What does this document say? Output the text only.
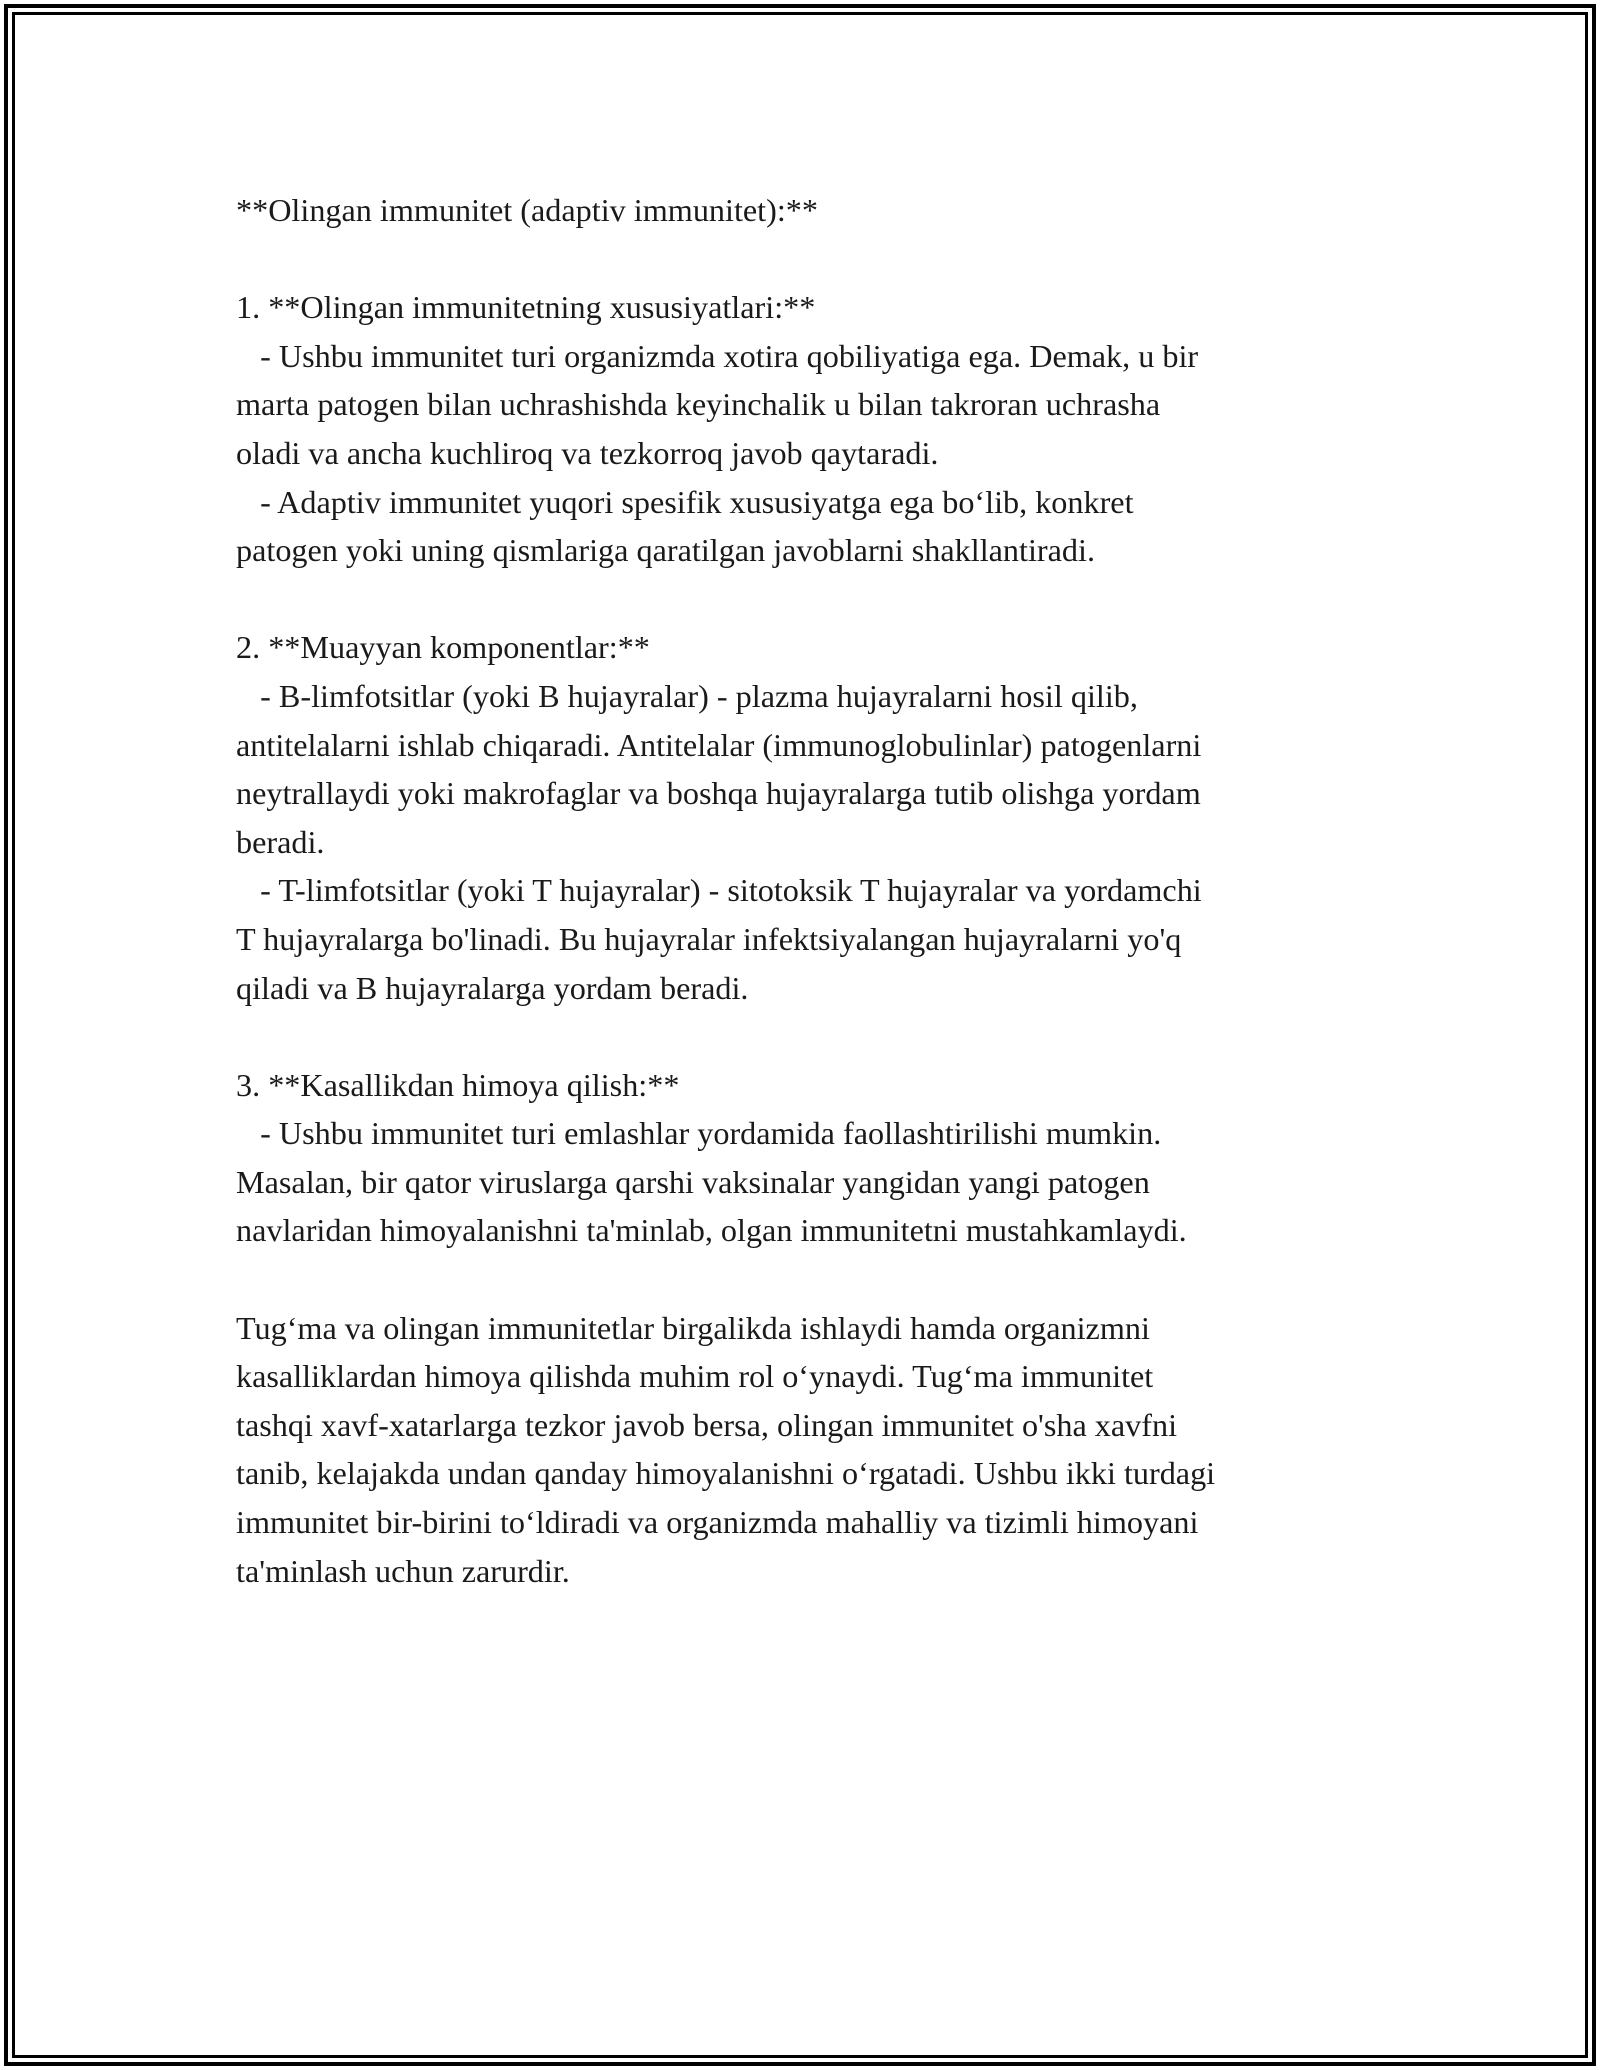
**Olingan immunitet (adaptiv immunitet):**
1. **Olingan immunitetning xususiyatlari:**
- Ushbu immunitet turi organizmda xotira qobiliyatiga ega. Demak, u bir
marta patogen bilan uchrashishda keyinchalik u bilan takroran uchrasha
oladi va ancha kuchliroq va tezkorroq javob qaytaradi.
- Adaptiv immunitet yuqori spesifik xususiyatga ega bo‘lib, konkret
patogen yoki uning qismlariga qaratilgan javoblarni shakllantiradi.
2. **Muayyan komponentlar:**
- B-limfotsitlar (yoki B hujayralar) - plazma hujayralarni hosil qilib,
antitelalarni ishlab chiqaradi. Antitelalar (immunoglobulinlar) patogenlarni
neytrallaydi yoki makrofaglar va boshqa hujayralarga tutib olishga yordam
beradi.
- T-limfotsitlar (yoki T hujayralar) - sitotoksik T hujayralar va yordamchi
T hujayralarga bo'linadi. Bu hujayralar infektsiyalangan hujayralarni yo'q
qiladi va B hujayralarga yordam beradi.
3. **Kasallikdan himoya qilish:**
- Ushbu immunitet turi emlashlar yordamida faollashtirilishi mumkin.
Masalan, bir qator viruslarga qarshi vaksinalar yangidan yangi patogen
navlaridan himoyalanishni ta'minlab, olgan immunitetni mustahkamlaydi.
Tug‘ma va olingan immunitetlar birgalikda ishlaydi hamda organizmni
kasalliklardan himoya qilishda muhim rol o‘ynaydi. Tug‘ma immunitet
tashqi xavf-xatarlarga tezkor javob bersa, olingan immunitet o'sha xavfni
tanib, kelajakda undan qanday himoyalanishni o‘rgatadi. Ushbu ikki turdagi
immunitet bir-birini to‘ldiradi va organizmda mahalliy va tizimli himoyani
ta'minlash uchun zarurdir.
